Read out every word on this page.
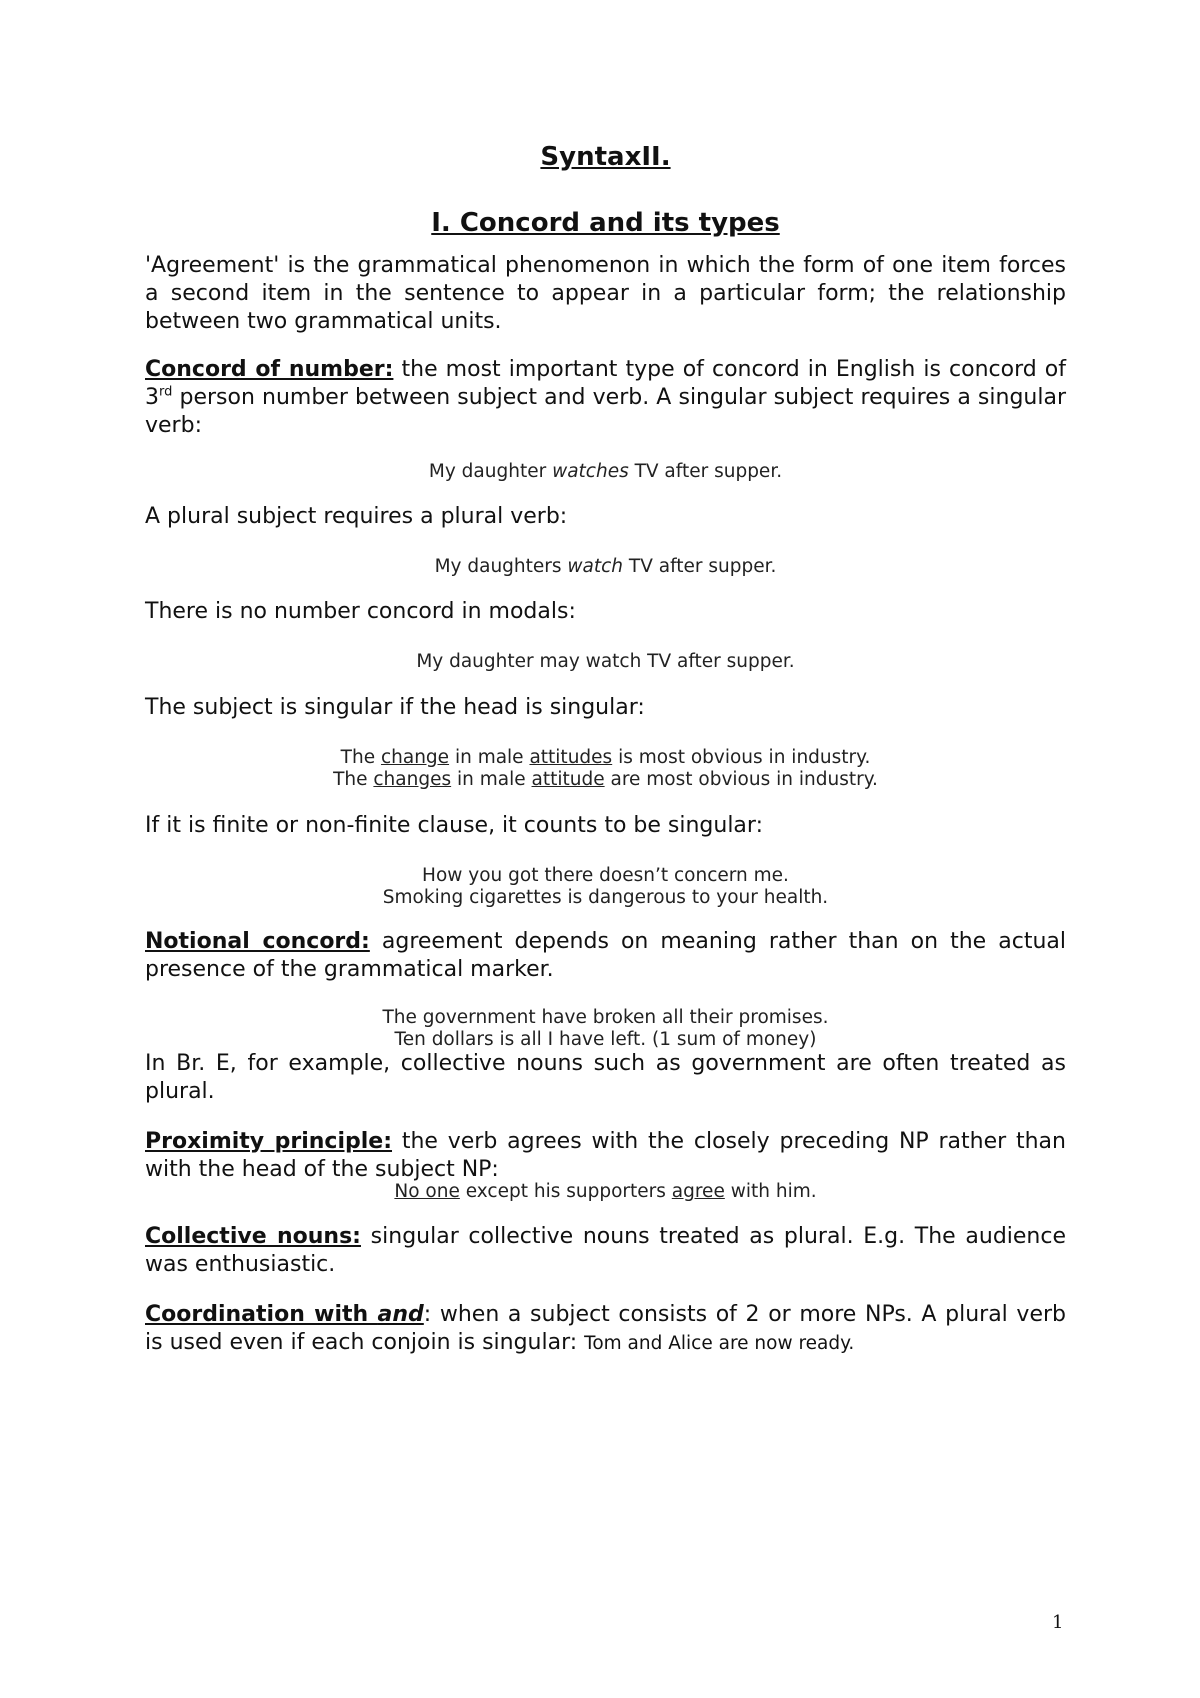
SyntaxII.
I. Concord and its types

'Agreement' is the grammatical phenomenon in which the form of one item forces a second item in the sentence to appear in a particular form; the relationship between two grammatical units.

Concord of number: the most important type of concord in English is concord of 3rd person number between subject and verb. A singular subject requires a singular verb:

My daughter watches TV after supper.

A plural subject requires a plural verb:

My daughters watch TV after supper.

There is no number concord in modals:

My daughter may watch TV after supper.

The subject is singular if the head is singular:

The change in male attitudes is most obvious in industry.

The changes in male attitude are most obvious in industry.

If it is finite or non-finite clause, it counts to be singular:

How you got there doesn’t concern me.

Smoking cigarettes is dangerous to your health.

Notional concord: agreement depends on meaning rather than on the actual presence of the grammatical marker.

The government have broken all their promises.

Ten dollars is all I have left. (1 sum of money)

In Br. E, for example, collective nouns such as government are often treated as plural.

Proximity principle: the verb agrees with the closely preceding NP rather than with the head of the subject NP:

No one except his supporters agree with him.

Collective nouns: singular collective nouns treated as plural. E.g. The audience was enthusiastic.

Coordination with and: when a subject consists of 2 or more NPs. A plural verb is used even if each conjoin is singular: Tom and Alice are now ready.

1
